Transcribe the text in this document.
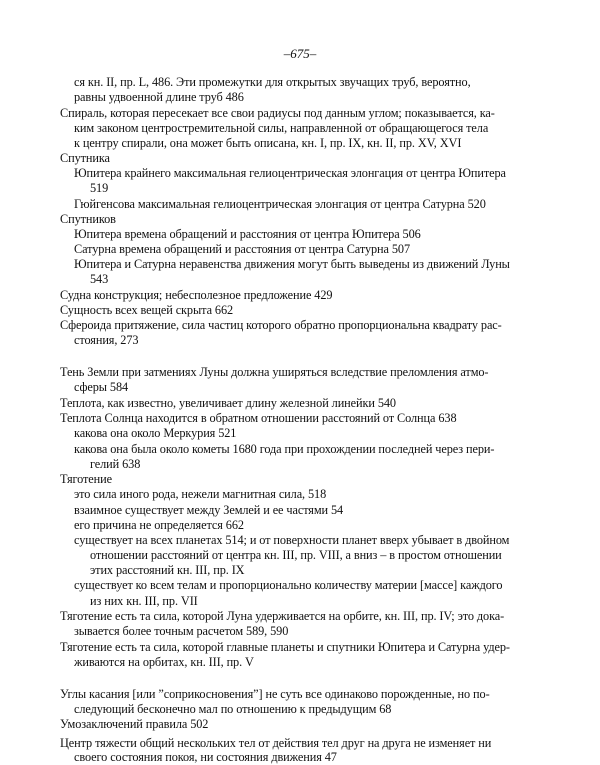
–675–
ся кн. II, пр. L, 486. Эти промежутки для открытых звучащих труб, вероятно,
равны удвоенной длине труб 486
Спираль, которая пересекает все свои радиусы под данным углом; показывается, ка-
ким законом центростремительной силы, направленной от обращающегося тела
к центру спирали, она может быть описана, кн. I, пр. IX, кн. II, пр. XV, XVI
Спутника
Юпитера крайнего максимальная гелиоцентрическая элонгация от центра Юпитера
519
Гюйгенсова максимальная гелиоцентрическая элонгация от центра Сатурна 520
Спутников
Юпитера времена обращений и расстояния от центра Юпитера 506
Сатурна времена обращений и расстояния от центра Сатурна 507
Юпитера и Сатурна неравенства движения могут быть выведены из движений Луны
543
Судна конструкция; небесполезное предложение 429
Сущность всех вещей скрыта 662
Сфероида притяжение, сила частиц которого обратно пропорциональна квадрату рас-
стояния, 273
Тень Земли при затмениях Луны должна уширяться вследствие преломления атмо-
сферы 584
Теплота, как известно, увеличивает длину железной линейки 540
Теплота Солнца находится в обратном отношении расстояний от Солнца 638
какова она около Меркурия 521
какова она была около кометы 1680 года при прохождении последней через пери-
гелий 638
Тяготение
это сила иного рода, нежели магнитная сила, 518
взаимное существует между Землей и ее частями 54
его причина не определяется 662
существует на всех планетах 514; и от поверхности планет вверх убывает в двойном
отношении расстояний от центра кн. III, пр. VIII, а вниз – в простом отношении
этих расстояний кн. III, пр. IX
существует ко всем телам и пропорционально количеству материи [массе] каждого
из них кн. III, пр. VII
Тяготение есть та сила, которой Луна удерживается на орбите, кн. III, пр. IV; это дока-
зывается более точным расчетом 589, 590
Тяготение есть та сила, которой главные планеты и спутники Юпитера и Сатурна удер-
живаются на орбитах, кн. III, пр. V
Углы касания [или ”соприкосновения”] не суть все одинаково порожденные, но по-
следующий бесконечно мал по отношению к предыдущим 68
Умозаключений правила 502
Центр тяжести общий нескольких тел от действия тел друг на друга не изменяет ни
своего состояния покоя, ни состояния движения 47
